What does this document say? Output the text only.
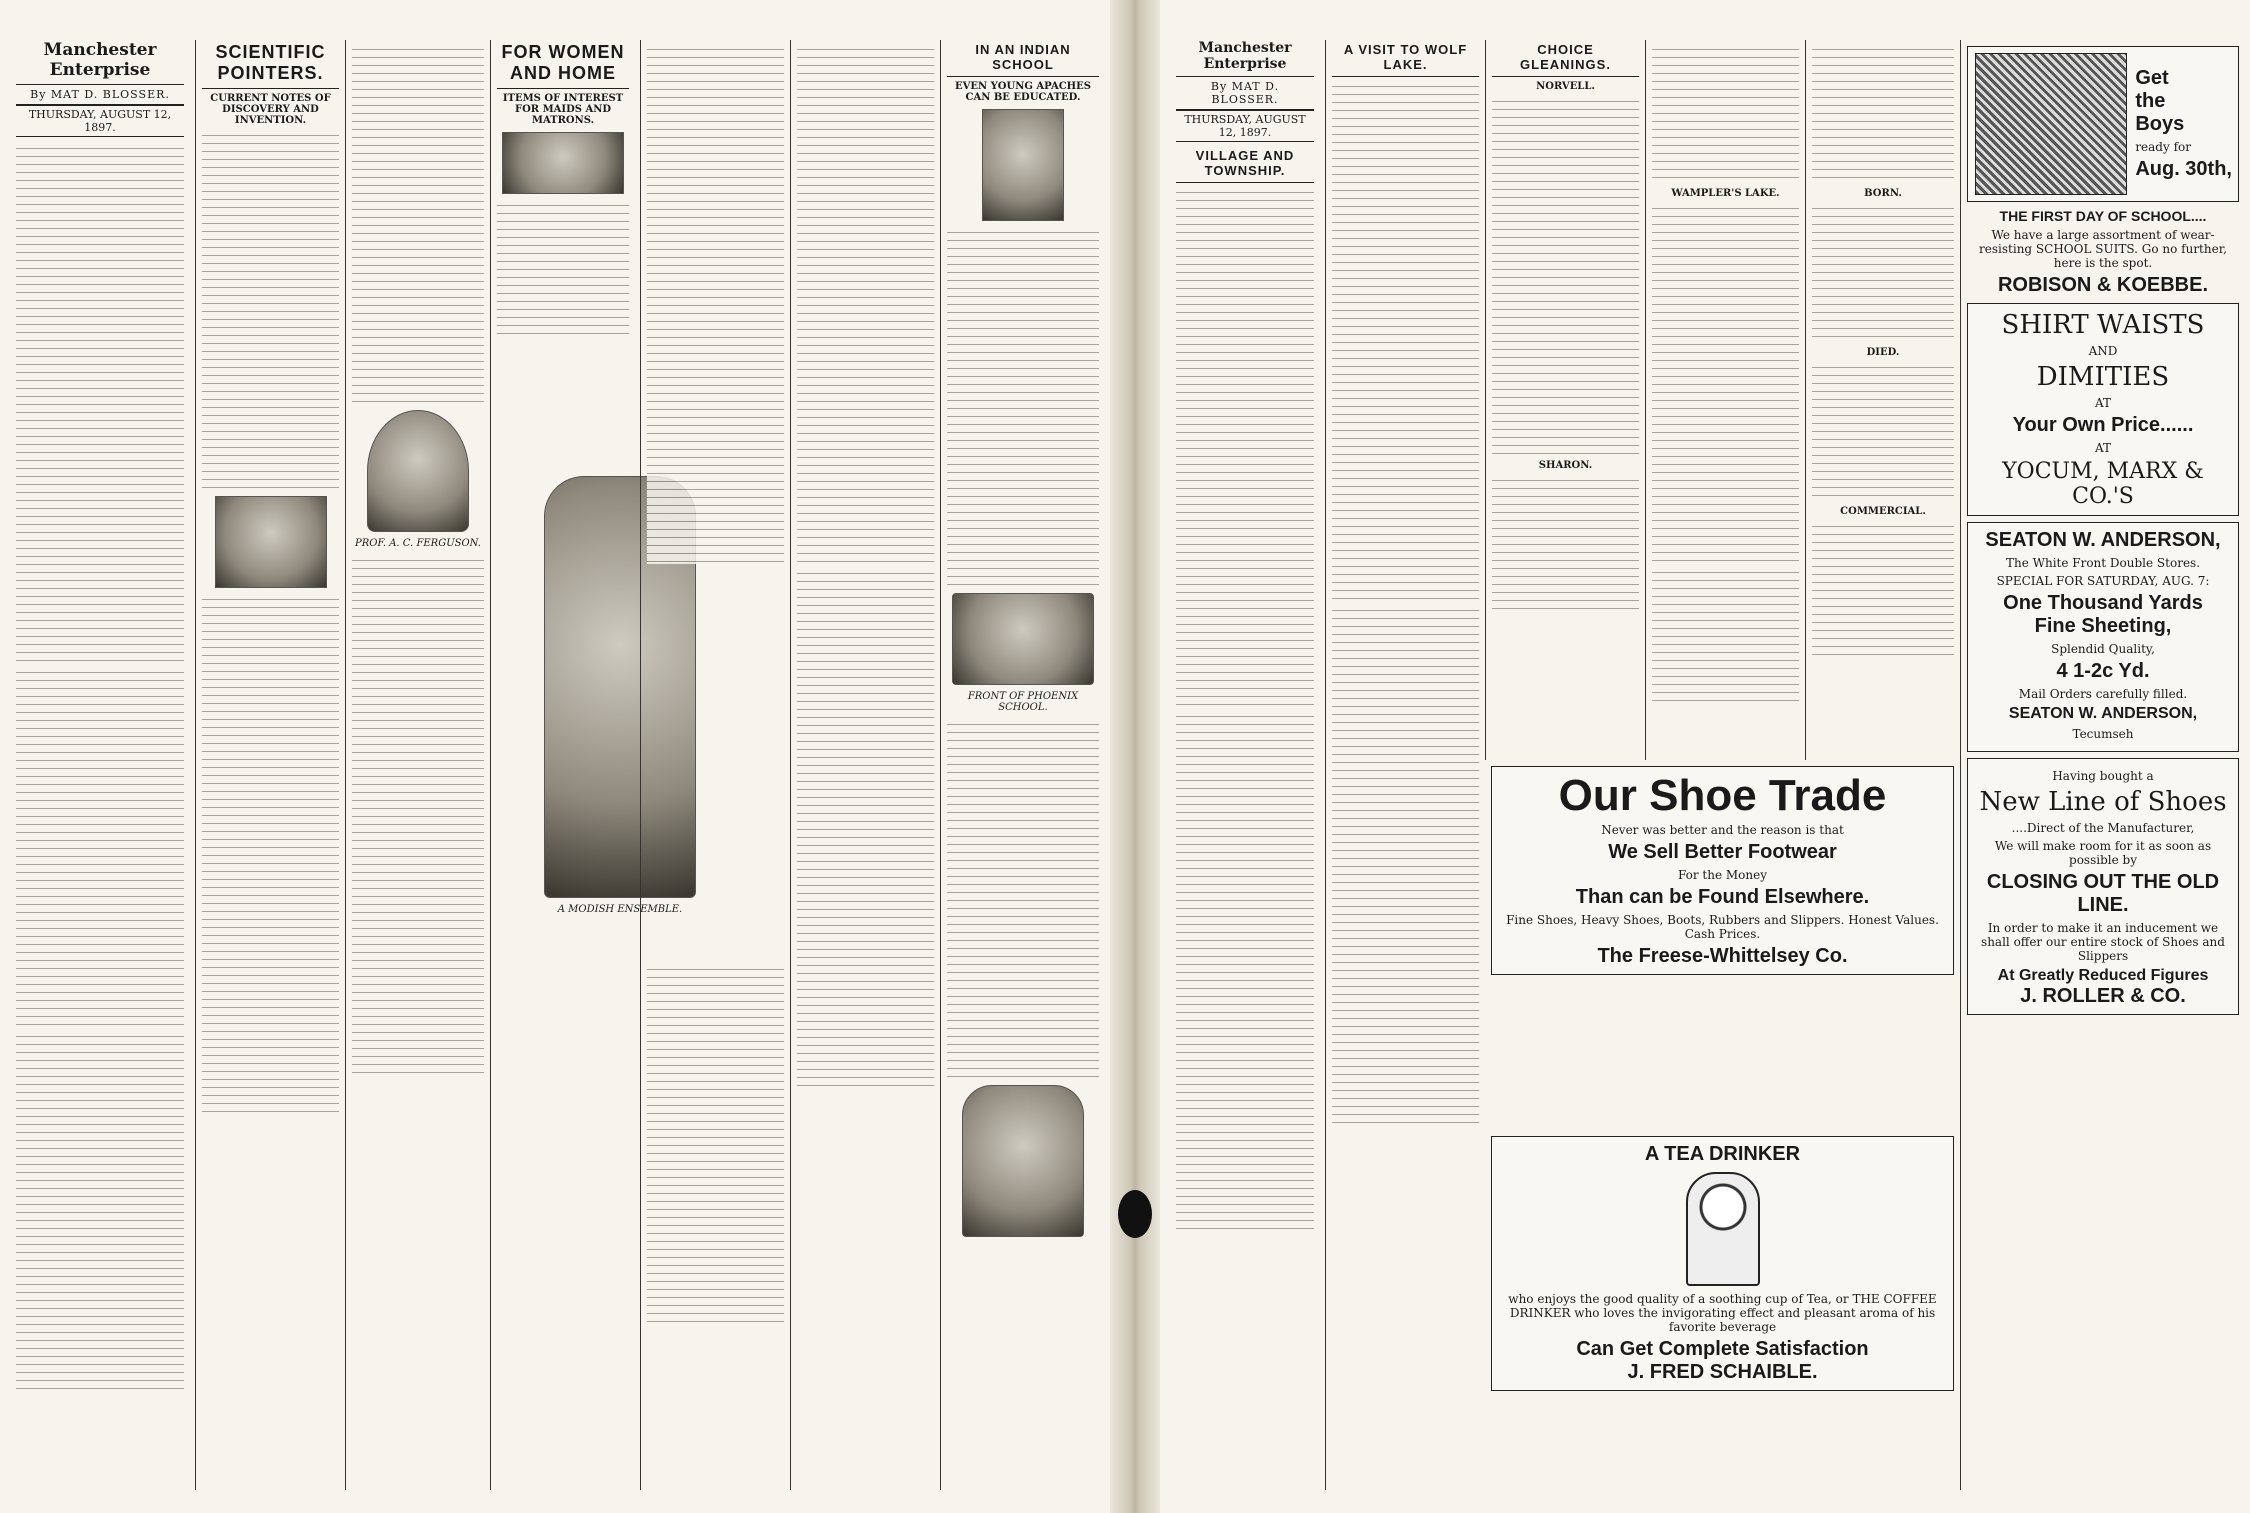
Manchester Enterprise
By MAT D. BLOSSER.
THURSDAY, AUGUST 12, 1897.
SCIENTIFIC POINTERS.
CURRENT NOTES OF DISCOVERY AND INVENTION.
PROF. A. C. FERGUSON.
FOR WOMEN AND HOME
ITEMS OF INTEREST FOR MAIDS AND MATRONS.
A MODISH ENSEMBLE.
IN AN INDIAN SCHOOL
EVEN YOUNG APACHES CAN BE EDUCATED.
FRONT OF PHOENIX SCHOOL.
Manchester Enterprise
By MAT D. BLOSSER.
THURSDAY, AUGUST 12, 1897.
VILLAGE AND TOWNSHIP.
A VISIT TO WOLF LAKE.
CHOICE GLEANINGS.
NORVELL.
SHARON.
WAMPLER'S LAKE.	BORN.
DIED.
COMMERCIAL.
Our Shoe Trade
Never was better and the reason is that
We Sell Better Footwear
For the Money
Than can be Found Elsewhere.
Fine Shoes, Heavy Shoes, Boots, Rubbers and Slippers. Honest Values. Cash Prices.
The Freese-Whittelsey Co.
A TEA DRINKER
who enjoys the good quality of a soothing cup of Tea, or THE COFFEE DRINKER who loves the invigorating effect and pleasant aroma of his favorite beverage
Can Get Complete Satisfaction
J. FRED SCHAIBLE.
Get
the
Boys
ready for
Aug. 30th,
THE FIRST DAY OF SCHOOL....
We have a large assortment of wear-resisting SCHOOL SUITS. Go no further, here is the spot.
ROBISON & KOEBBE.
SHIRT WAISTS
AND
DIMITIES
AT
Your Own Price......
AT
YOCUM, MARX & CO.'S
SEATON W. ANDERSON,
The White Front Double Stores.
SPECIAL FOR SATURDAY, AUG. 7:
One Thousand Yards
Fine Sheeting,
Splendid Quality,
4 1-2c Yd.
Mail Orders carefully filled.
SEATON W. ANDERSON,
Tecumseh
Having bought a
New Line of Shoes
....Direct of the Manufacturer,
We will make room for it as soon as possible by
CLOSING OUT THE OLD LINE.
In order to make it an inducement we shall offer our entire stock of Shoes and Slippers
At Greatly Reduced Figures
J. ROLLER & CO.
